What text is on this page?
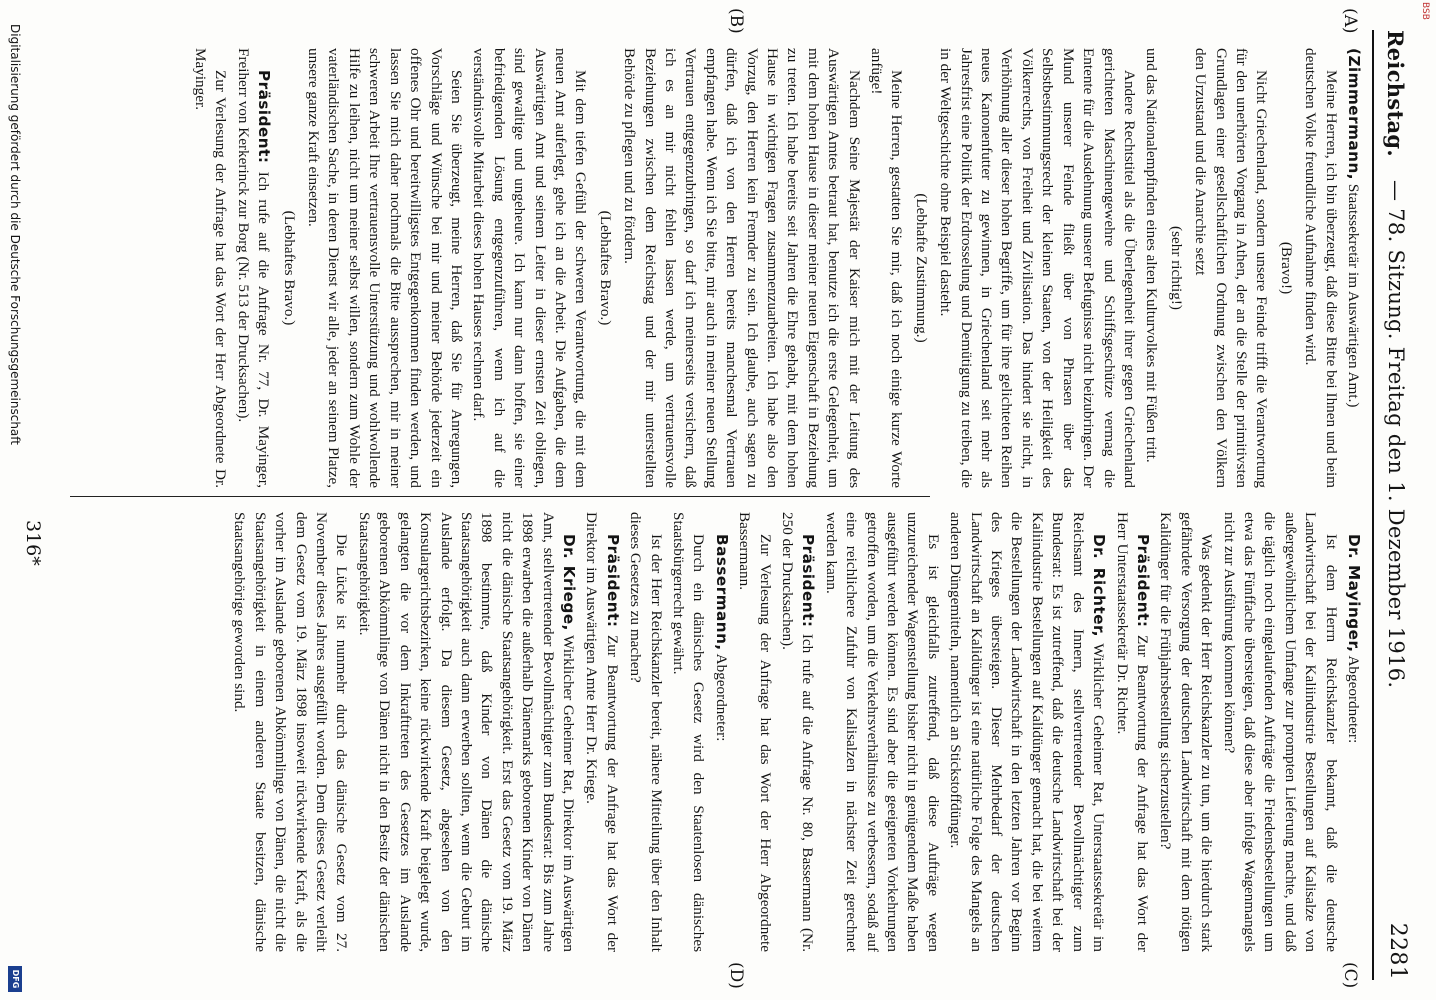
BSB
Reichstag.
— 78. Sitzung. Freitag den 1. Dezember 1916.
2281
(A)
(B)
(C)
(D)

(Zimmermann, Staatssekretär im Auswärtigen Amt.)

Meine Herren, ich bin überzeugt, daß diese Bitte bei Ihnen und beim deutschen Volke freundliche Aufnahme finden wird.

(Bravo!)

Nicht Griechenland, sondern unsere Feinde trifft die Verantwortung für den unerhörten Vorgang in Athen, der an die Stelle der primitivsten Grundlagen einer gesellschaftlichen Ordnung zwischen den Völkern den Urzustand und die Anarchie setzt

(sehr richtig!)

und das Nationalempfinden eines alten Kulturvolkes mit Füßen tritt.

Andere Rechtstitel als die Überlegenheit ihrer gegen Griechenland gerichteten Maschinengewehre und Schiffsgeschütze vermag die Entente für die Ausdehnung unserer Befugnisse nicht beizubringen. Der Mund unserer Feinde fließt über von Phrasen über das Selbstbestimmungsrecht der kleinen Staaten, von der Heiligkeit des Völkerrechts, von Freiheit und Zivilisation. Das hindert sie nicht, in Verhöhnung aller dieser hohen Begriffe, um für ihre gelichteten Reihen neues Kanonenfutter zu gewinnen, in Griechenland seit mehr als Jahresfrist eine Politik der Erdrosselung und Demütigung zu treiben, die in der Weltgeschichte ohne Beispiel dasteht.

(Lebhafte Zustimmung.)

Meine Herren, gestatten Sie mir, daß ich noch einige kurze Worte anfüge!

Nachdem Seine Majestät der Kaiser mich mit der Leitung des Auswärtigen Amtes betraut hat, benutze ich die erste Gelegenheit, um mit dem hohen Hause in dieser meiner neuen Eigenschaft in Beziehung zu treten. Ich habe bereits seit Jahren die Ehre gehabt, mit dem hohen Hause in wichtigen Fragen zusammenzuarbeiten. Ich habe also den Vorzug, den Herren kein Fremder zu sein. Ich glaube, auch sagen zu dürfen, daß ich von den Herren bereits manchesmal Vertrauen empfangen habe. Wenn ich Sie bitte, mir auch in meiner neuen Stellung Vertrauen entgegenzubringen, so darf ich meinerseits versichern, daß ich es an mir nicht fehlen lassen werde, um vertrauensvolle Beziehungen zwischen dem Reichstag und der mir unterstellten Behörde zu pflegen und zu fördern.

(Lebhaftes Bravo.)

Mit dem tiefen Gefühl der schweren Verantwortung, die mit dem neuen Amt auferlegt, gehe ich an die Arbeit. Die Aufgaben, die dem Auswärtigen Amt und seinem Leiter in dieser ernsten Zeit obliegen, sind gewaltige und ungeheure. Ich kann nur dann hoffen, sie einer befriedigenden Lösung entgegenzuführen, wenn ich auf die verständnisvolle Mitarbeit dieses hohen Hauses rechnen darf.

Seien Sie überzeugt, meine Herren, daß Sie für Anregungen, Vorschläge und Wünsche bei mir und meiner Behörde jederzeit ein offenes Ohr und bereitwilligstes Entgegenkommen finden werden, und lassen Sie mich daher nochmals die Bitte aussprechen, mir in meiner schweren Arbeit Ihre vertrauensvolle Unterstützung und wohlwollende Hilfe zu leihen, nicht um meiner selbst willen, sondern zum Wohle der vaterländischen Sache, in deren Dienst wir alle, jeder an seinem Platze, unsere ganze Kraft einsetzen.

(Lebhaftes Bravo.)

Präsident: Ich rufe auf die Anfrage Nr. 77, Dr. Mayinger, Freiherr von Kerkerinck zur Borg (Nr. 513 der Drucksachen).

Zur Verlesung der Anfrage hat das Wort der Herr Abgeordnete Dr. Mayinger.

Dr. Mayinger, Abgeordneter:

Ist dem Herrn Reichskanzler bekannt, daß die deutsche Landwirtschaft bei der Kaliindustrie Bestellungen auf Kalisalze von außergewöhnlichem Umfange zur prompten Lieferung machte, und daß die täglich noch eingelaufenden Aufträge die Friedensbestellungen um etwa das Fünffache übersteigen, daß diese aber infolge Wagenmangels nicht zur Ausführung kommen können?

Was gedenkt der Herr Reichskanzler zu tun, um die hierdurch stark gefährdete Versorgung der deutschen Landwirtschaft mit dem nötigen Kalidünger für die Frühjahrsbestellung sicherzustellen?

Präsident: Zur Beantwortung der Anfrage hat das Wort der Herr Unterstaatssekretär Dr. Richter.

Dr. Richter, Wirklicher Geheimer Rat, Unterstaatssekretär im Reichsamt des Innern, stellvertretender Bevollmächtigter zum Bundesrat: Es ist zutreffend, daß die deutsche Landwirtschaft bei der Kaliindustrie Bestellungen auf Kalidünger gemacht hat, die bei weitem die Bestellungen der Landwirtschaft in den letzten Jahren vor Beginn des Krieges übersteigen. Dieser Mehrbedarf der deutschen Landwirtschaft an Kalidünger ist eine natürliche Folge des Mangels an anderen Düngemitteln, namentlich an Stickstoffdünger.

Es ist gleichfalls zutreffend, daß diese Aufträge wegen unzureichender Wagenstellung bisher nicht in genügendem Maße haben ausgeführt werden können. Es sind aber die geeigneten Vorkehrungen getroffen worden, um die Verkehrsverhältnisse zu verbessern, sodaß auf eine reichlichere Zufuhr von Kalisalzen in nächster Zeit gerechnet werden kann.

Präsident: Ich rufe auf die Anfrage Nr. 80, Bassermann (Nr. 250 der Drucksachen).

Zur Verlesung der Anfrage hat das Wort der Herr Abgeordnete Bassermann.

Bassermann, Abgeordneter:

Durch ein dänisches Gesetz wird den Staatenlosen dänisches Staatsbürgerrecht gewährt.

Ist der Herr Reichskanzler bereit, nähere Mitteilung über den Inhalt dieses Gesetzes zu machen?

Präsident: Zur Beantwortung der Anfrage hat das Wort der Direktor im Auswärtigen Amte Herr Dr. Kriege.

Dr. Kriege, Wirklicher Geheimer Rat, Direktor im Auswärtigen Amt, stellvertretender Bevollmächtigter zum Bundesrat: Bis zum Jahre 1898 erwarben die außerhalb Dänemarks geborenen Kinder von Dänen nicht die dänische Staatsangehörigkeit. Erst das Gesetz vom 19. März 1898 bestimmte, daß Kinder von Dänen die dänische Staatsangehörigkeit auch dann erwerben sollten, wenn die Geburt im Auslande erfolgt. Da diesem Gesetz, abgesehen von den Konsulargerichtsbezirken, keine rückwirkende Kraft beigelegt wurde, gelangten die vor dem Inkrafttreten des Gesetzes im Auslande geborenen Abkömmlinge von Dänen nicht in den Besitz der dänischen Staatsangehörigkeit.

Die Lücke ist nunmehr durch das dänische Gesetz vom 27. November dieses Jahres ausgefüllt worden. Dem dieses Gesetz verleiht dem Gesetz vom 19. März 1898 insoweit rückwirkende Kraft, als die vorher im Auslande geborenen Abkömmlinge von Dänen, die nicht die Staatsangehörigkeit in einem anderen Staate besitzen, dänische Staatsangehörige geworden sind.

316*
Digitalisierung gefördert durch die Deutsche Forschungsgemeinschaft
DFG
